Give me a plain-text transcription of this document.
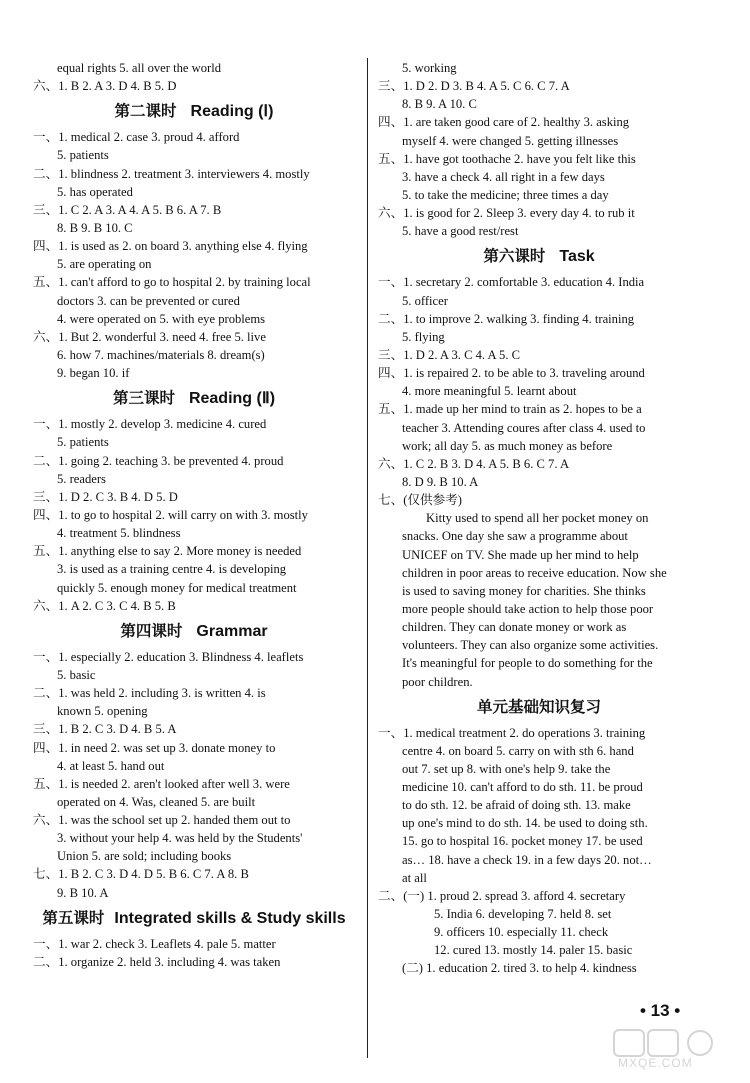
equal rights 5. all over the world
六、1. B 2. A 3. D 4. B 5. D
第二课时 Reading (Ⅰ)
一、1. medical 2. case 3. proud 4. afford
5. patients
二、1. blindness 2. treatment 3. interviewers 4. mostly
5. has operated
三、1. C 2. A 3. A 4. A 5. B 6. A 7. B
8. B 9. B 10. C
四、1. is used as 2. on board 3. anything else 4. flying
5. are operating on
五、1. can't afford to go to hospital 2. by training local
doctors 3. can be prevented or cured
4. were operated on 5. with eye problems
六、1. But 2. wonderful 3. need 4. free 5. live
6. how 7. machines/materials 8. dream(s)
9. began 10. if
第三课时 Reading (Ⅱ)
一、1. mostly 2. develop 3. medicine 4. cured
5. patients
二、1. going 2. teaching 3. be prevented 4. proud
5. readers
三、1. D 2. C 3. B 4. D 5. D
四、1. to go to hospital 2. will carry on with 3. mostly
4. treatment 5. blindness
五、1. anything else to say 2. More money is needed
3. is used as a training centre 4. is developing
quickly 5. enough money for medical treatment
六、1. A 2. C 3. C 4. B 5. B
第四课时 Grammar
一、1. especially 2. education 3. Blindness 4. leaflets
5. basic
二、1. was held 2. including 3. is written 4. is
known 5. opening
三、1. B 2. C 3. D 4. B 5. A
四、1. in need 2. was set up 3. donate money to
4. at least 5. hand out
五、1. is needed 2. aren't looked after well 3. were
operated on 4. Was, cleaned 5. are built
六、1. was the school set up 2. handed them out to
3. without your help 4. was held by the Students'
Union 5. are sold; including books
七、1. B 2. C 3. D 4. D 5. B 6. C 7. A 8. B
9. B 10. A
第五课时 Integrated skills & Study skills
一、1. war 2. check 3. Leaflets 4. pale 5. matter
二、1. organize 2. held 3. including 4. was taken
5. working
三、1. D 2. D 3. B 4. A 5. C 6. C 7. A
8. B 9. A 10. C
四、1. are taken good care of 2. healthy 3. asking
myself 4. were changed 5. getting illnesses
五、1. have got toothache 2. have you felt like this
3. have a check 4. all right in a few days
5. to take the medicine; three times a day
六、1. is good for 2. Sleep 3. every day 4. to rub it
5. have a good rest/rest
第六课时 Task
一、1. secretary 2. comfortable 3. education 4. India
5. officer
二、1. to improve 2. walking 3. finding 4. training
5. flying
三、1. D 2. A 3. C 4. A 5. C
四、1. is repaired 2. to be able to 3. traveling around
4. more meaningful 5. learnt about
五、1. made up her mind to train as 2. hopes to be a
teacher 3. Attending coures after class 4. used to
work; all day 5. as much money as before
六、1. C 2. B 3. D 4. A 5. B 6. C 7. A
8. D 9. B 10. A
七、(仅供参考)
Kitty used to spend all her pocket money on
snacks. One day she saw a programme about
UNICEF on TV. She made up her mind to help
children in poor areas to receive education. Now she
is used to saving money for charities. She thinks
more people should take action to help those poor
children. They can donate money or work as
volunteers. They can also organize some activities.
It's meaningful for people to do something for the
poor children.
单元基础知识复习
一、1. medical treatment 2. do operations 3. training
centre 4. on board 5. carry on with sth 6. hand
out 7. set up 8. with one's help 9. take the
medicine 10. can't afford to do sth. 11. be proud
to do sth. 12. be afraid of doing sth. 13. make
up one's mind to do sth. 14. be used to doing sth.
15. go to hospital 16. pocket money 17. be used
as… 18. have a check 19. in a few days 20. not…
at all
二、(一) 1. proud 2. spread 3. afford 4. secretary
5. India 6. developing 7. held 8. set
9. officers 10. especially 11. check
12. cured 13. mostly 14. paler 15. basic
(二) 1. education 2. tired 3. to help 4. kindness
• 13 •
MXQE.COM
